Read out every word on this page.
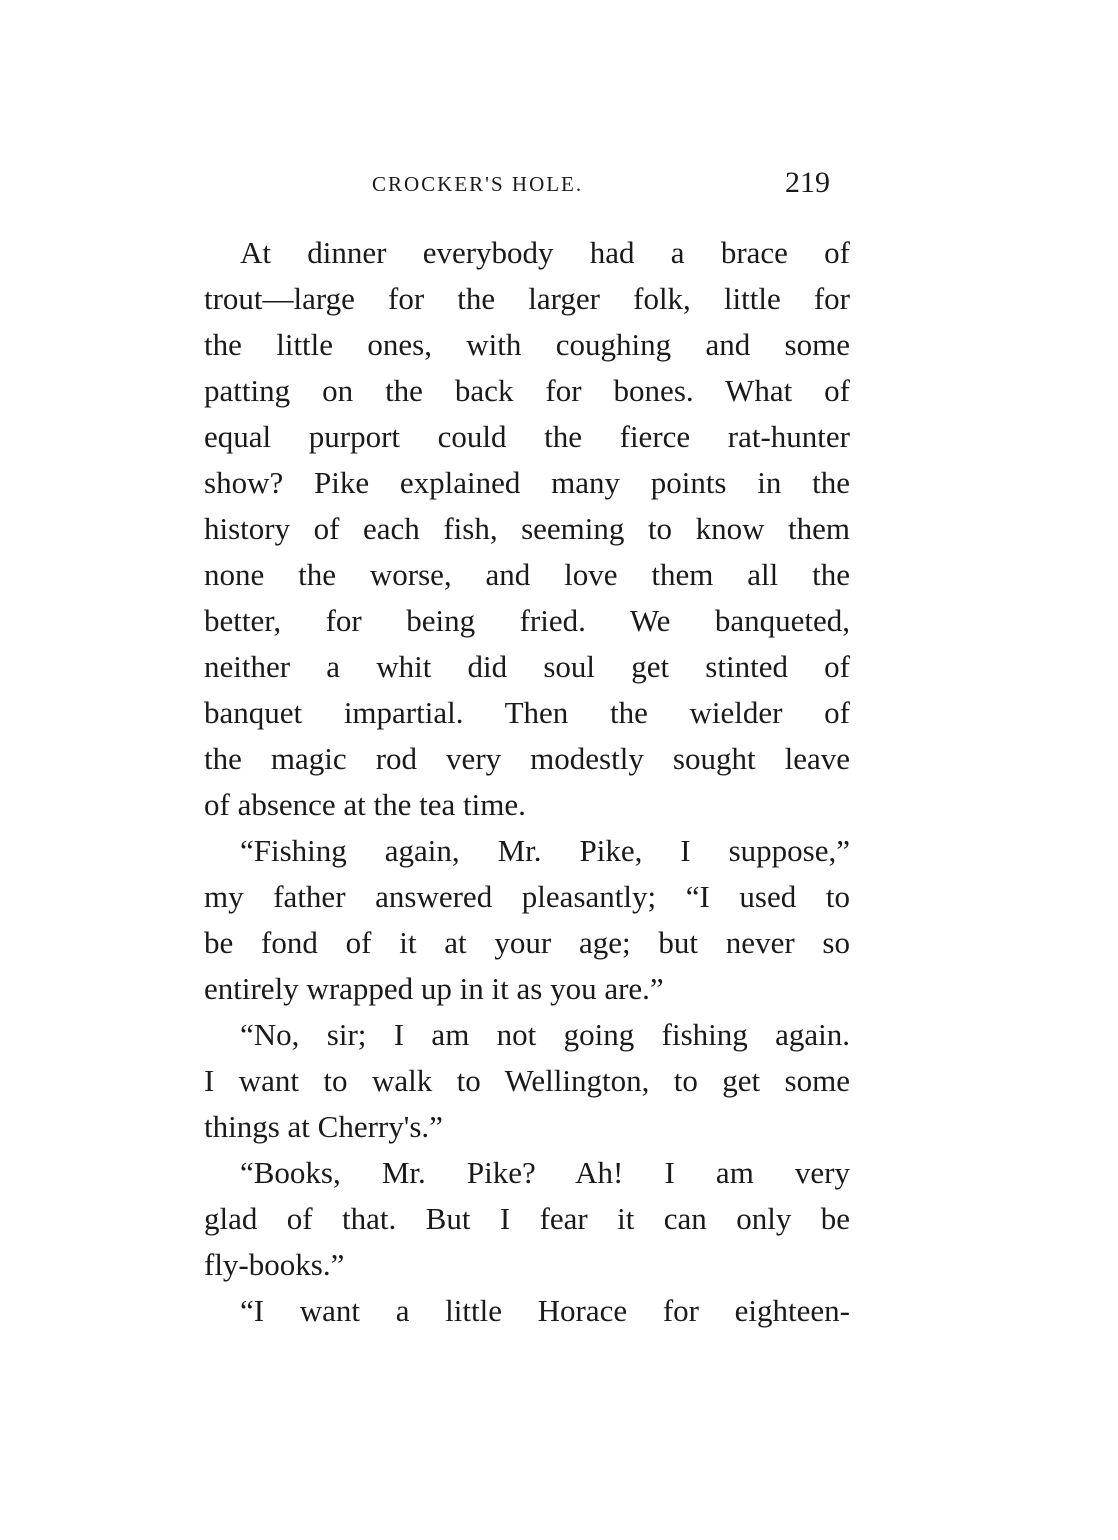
CROCKER'S HOLE.	219
At dinner everybody had a brace of
trout—large for the larger folk, little for
the little ones, with coughing and some
patting on the back for bones. What of
equal purport could the fierce rat-hunter
show? Pike explained many points in the
history of each fish, seeming to know them
none the worse, and love them all the
better, for being fried. We banqueted,
neither a whit did soul get stinted of
banquet impartial. Then the wielder of
the magic rod very modestly sought leave
of absence at the tea time.
“Fishing again, Mr. Pike, I suppose,”
my father answered pleasantly; “I used to
be fond of it at your age; but never so
entirely wrapped up in it as you are.”
“No, sir; I am not going fishing again.
I want to walk to Wellington, to get some
things at Cherry's.”
“Books, Mr. Pike? Ah! I am very
glad of that. But I fear it can only be
fly-books.”
“I want a little Horace for eighteen-
